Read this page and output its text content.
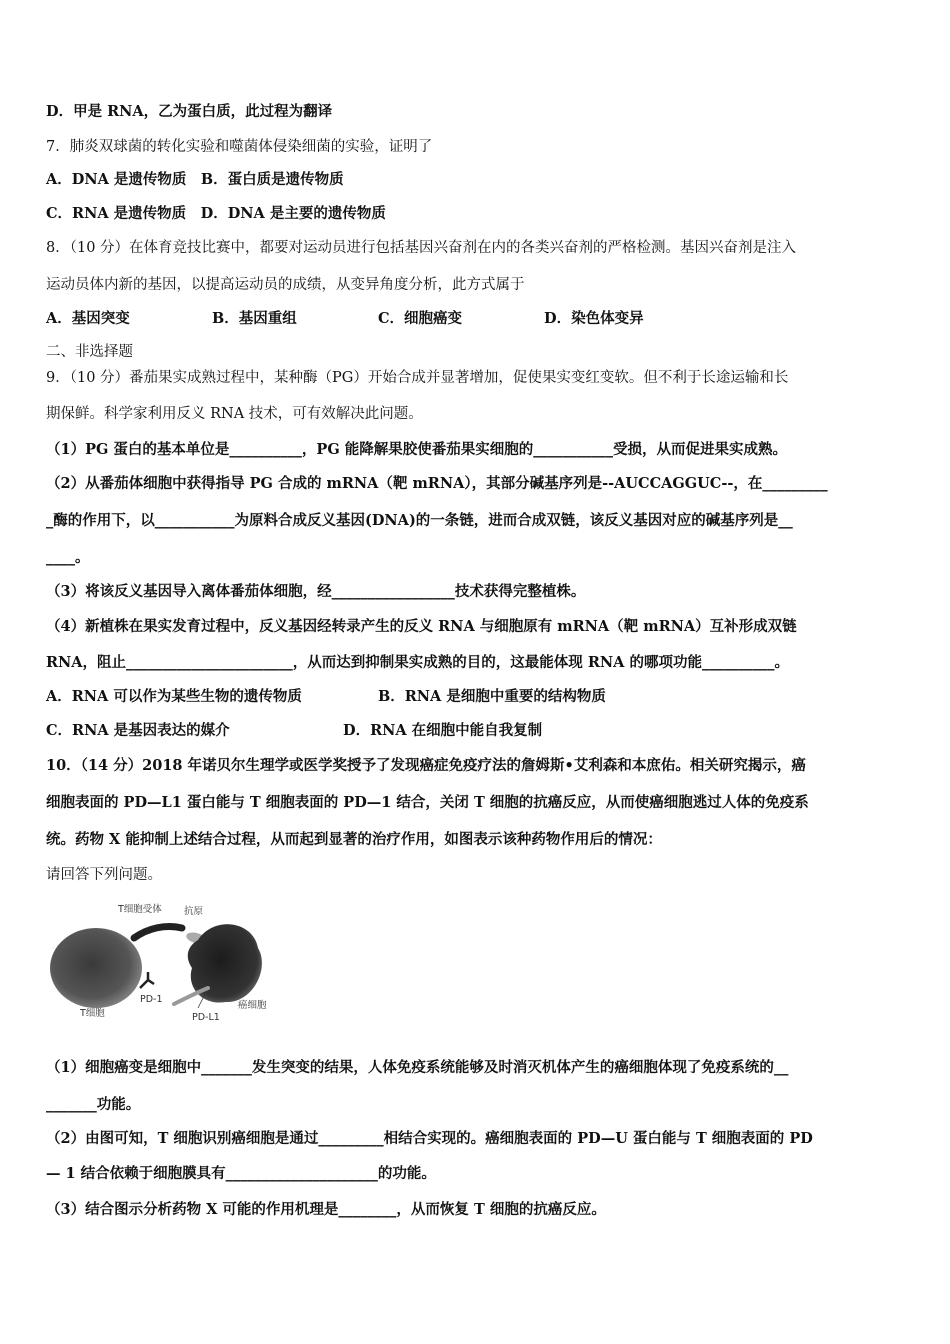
D．甲是 RNA，乙为蛋白质，此过程为翻译
7．肺炎双球菌的转化实验和噬菌体侵染细菌的实验，证明了
A．DNA 是遗传物质　B．蛋白质是遗传物质
C．RNA 是遗传物质　D．DNA 是主要的遗传物质
8．（10 分）在体育竞技比赛中，都要对运动员进行包括基因兴奋剂在内的各类兴奋剂的严格检测。基因兴奋剂是注入
运动员体内新的基因，以提高运动员的成绩，从变异角度分析，此方式属于
A．基因突变	B．基因重组	C．细胞癌变	D．染色体变异
二、非选择题
9．（10 分）番茄果实成熟过程中，某种酶（PG）开始合成并显著增加，促使果实变红变软。但不利于长途运输和长
期保鲜。科学家利用反义 RNA 技术，可有效解决此问题。
（1）PG 蛋白的基本单位是__________，PG 能降解果胶使番茄果实细胞的___________受损，从而促进果实成熟。
（2）从番茄体细胞中获得指导 PG 合成的 mRNA（靶 mRNA），其部分碱基序列是--AUCCAGGUC--，在_________
_酶的作用下，以___________为原料合成反义基因(DNA)的一条链，进而合成双链，该反义基因对应的碱基序列是__
____。
（3）将该反义基因导入离体番茄体细胞，经_________________技术获得完整植株。
（4）新植株在果实发育过程中，反义基因经转录产生的反义 RNA 与细胞原有 mRNA（靶 mRNA）互补形成双链
RNA，阻止_______________________，从而达到抑制果实成熟的目的，这最能体现 RNA 的哪项功能__________。
A．RNA 可以作为某些生物的遗传物质	B．RNA 是细胞中重要的结构物质
C．RNA 是基因表达的媒介	D．RNA 在细胞中能自我复制
10．（14 分）2018 年诺贝尔生理学或医学奖授予了发现癌症免疫疗法的詹姆斯•艾利森和本庶佑。相关研究揭示，癌
细胞表面的 PD—L1 蛋白能与 T 细胞表面的 PD—1 结合，关闭 T 细胞的抗癌反应，从而使癌细胞逃过人体的免疫系
统。药物 X 能抑制上述结合过程，从而起到显著的治疗作用，如图表示该种药物作用后的情况：
请回答下列问题。
T细胞受体 抗原
T细胞
PD-1
PD-L1
癌细胞
（1）细胞癌变是细胞中_______发生突变的结果，人体免疫系统能够及时消灭机体产生的癌细胞体现了免疫系统的__
_______功能。
（2）由图可知，T 细胞识别癌细胞是通过_________相结合实现的。癌细胞表面的 PD—U 蛋白能与 T 细胞表面的 PD
— 1 结合依赖于细胞膜具有_____________________的功能。
（3）结合图示分析药物 X 可能的作用机理是________，从而恢复 T 细胞的抗癌反应。
